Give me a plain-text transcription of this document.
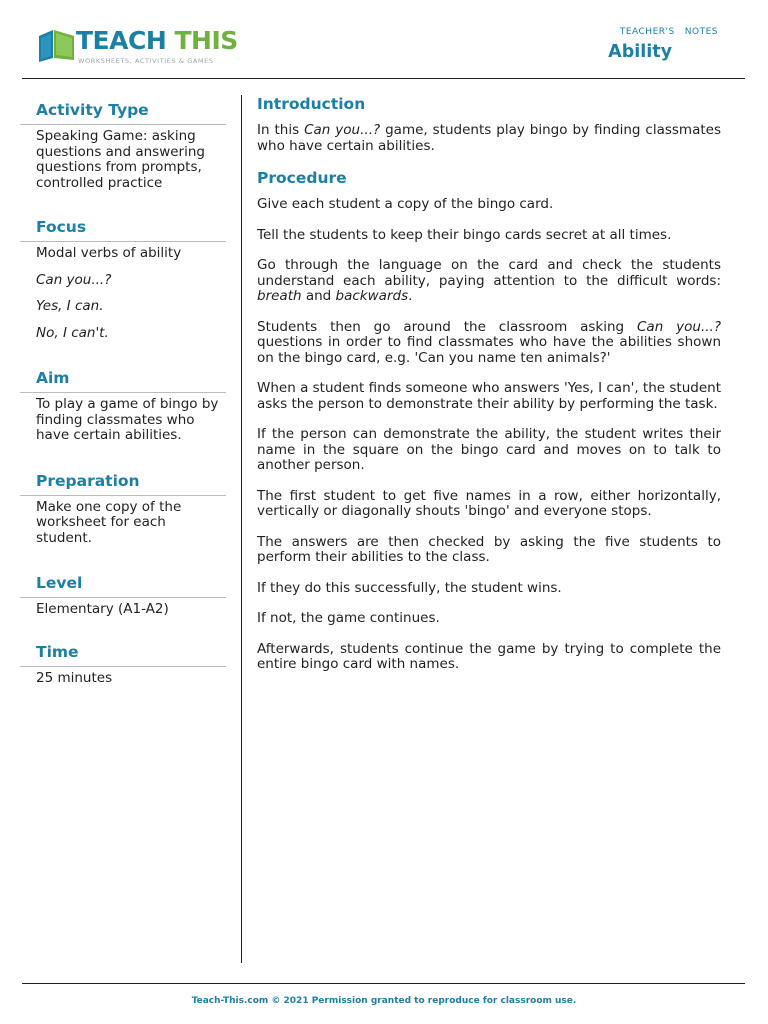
TEACH THIS
WORKSHEETS, ACTIVITIES & GAMES
TEACHER'S   NOTES
Ability
Activity Type
Speaking Game: asking questions and answering questions from prompts, controlled practice
Focus
Modal verbs of ability
Can you...?
Yes, I can.
No, I can't.
Aim
To play a game of bingo by finding classmates who have certain abilities.
Preparation
Make one copy of the worksheet for each student.
Level
Elementary (A1-A2)
Time
25 minutes
Introduction

In this Can you...? game, students play bingo by finding classmates who have certain abilities.

Procedure

Give each student a copy of the bingo card.

Tell the students to keep their bingo cards secret at all times.

Go through the language on the card and check the students understand each ability, paying attention to the difficult words: breath and backwards.

Students then go around the classroom asking Can you...? questions in order to find classmates who have the abilities shown on the bingo card, e.g. 'Can you name ten animals?'

When a student finds someone who answers 'Yes, I can', the student asks the person to demonstrate their ability by performing the task.

If the person can demonstrate the ability, the student writes their name in the square on the bingo card and moves on to talk to another person.

The first student to get five names in a row, either horizontally, vertically or diagonally shouts 'bingo' and everyone stops.

The answers are then checked by asking the five students to perform their abilities to the class.

If they do this successfully, the student wins.

If not, the game continues.

Afterwards, students continue the game by trying to complete the entire bingo card with names.

Teach-This.com © 2021 Permission granted to reproduce for classroom use.
